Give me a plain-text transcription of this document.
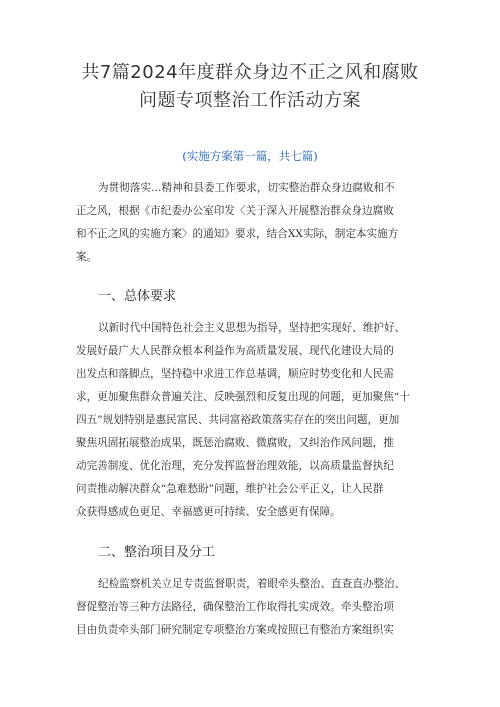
共7篇2024年度群众身边不正之风和腐败
问题专项整治工作活动方案

(实施方案第一篇，共七篇)

为贯彻落实…精神和县委工作要求，切实整治群众身边腐败和不
正之风，根据《市纪委办公室印发〈关于深入开展整治群众身边腐败
和不正之风的实施方案〉的通知》要求，结合XX实际，制定本实施方
案。
一、总体要求
以新时代中国特色社会主义思想为指导，坚持把实现好、维护好、
发展好最广大人民群众根本利益作为高质量发展、现代化建设大局的
出发点和落脚点，坚持稳中求进工作总基调，顺应时势变化和人民需
求，更加聚焦群众普遍关注、反映强烈和反复出现的问题，更加聚焦“十
四五”规划特别是惠民富民、共同富裕政策落实存在的突出问题，更加
聚焦巩固拓展整治成果，既惩治腐败、微腐败，又纠治作风问题，推
动完善制度、优化治理，充分发挥监督治理效能，以高质量监督执纪
问责推动解决群众“急难愁盼”问题，维护社会公平正义，让人民群
众获得感成色更足、幸福感更可持续、安全感更有保障。
二、整治项目及分工
纪检监察机关立足专责监督职责，着眼牵头整治、直查直办整治、
督促整治等三种方法路径，确保整治工作取得扎实成效。牵头整治项
目由负责牵头部门研究制定专项整治方案或按照已有整治方案组织实
